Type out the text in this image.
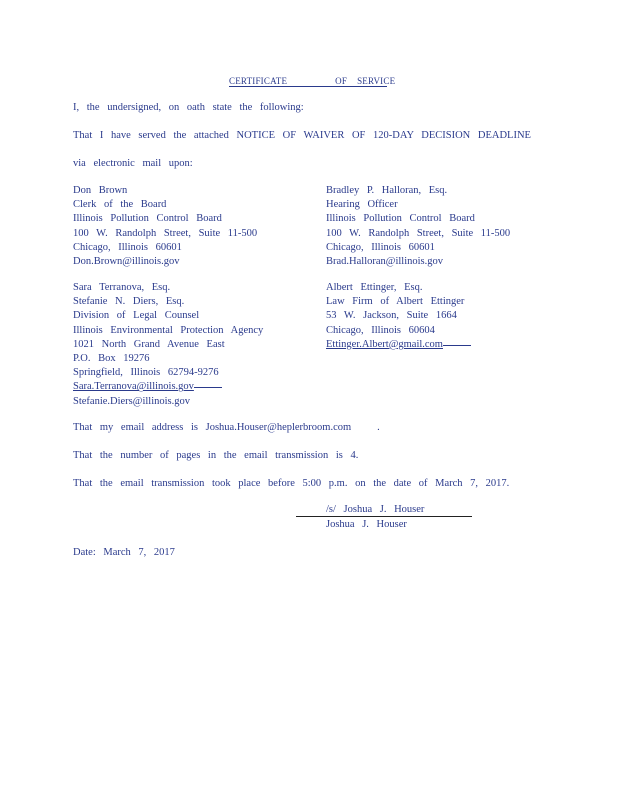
CERTIFICATE	OF SERVICE
I, the undersigned, on oath state the following:
That I have served the attached NOTICE OF WAIVER OF 120-DAY DECISION DEADLINE
via electronic mail upon:
Don Brown
Clerk of the Board
Illinois Pollution Control Board
100 W. Randolph Street, Suite 11-500
Chicago, Illinois 60601
Don.Brown@illinois.gov
Bradley P. Halloran, Esq.
Hearing Officer
Illinois Pollution Control Board
100 W. Randolph Street, Suite 11-500
Chicago, Illinois 60601
Brad.Halloran@illinois.gov
Sara Terranova, Esq.
Stefanie N. Diers, Esq.
Division of Legal Counsel
Illinois Environmental Protection Agency
1021 North Grand Avenue East
P.O. Box 19276
Springfield, Illinois 62794-9276
Sara.Terranova@illinois.gov
Stefanie.Diers@illinois.gov
Albert Ettinger, Esq.
Law Firm of Albert Ettinger
53 W. Jackson, Suite 1664
Chicago, Illinois 60604
Ettinger.Albert@gmail.com
That my email address is Joshua.Houser@heplerbroom.com .
That the number of pages in the email transmission is 4.
That the email transmission took place before 5:00 p.m. on the date of March 7, 2017.
/s/ Joshua J. Houser
Joshua J. Houser
Date: March 7, 2017
